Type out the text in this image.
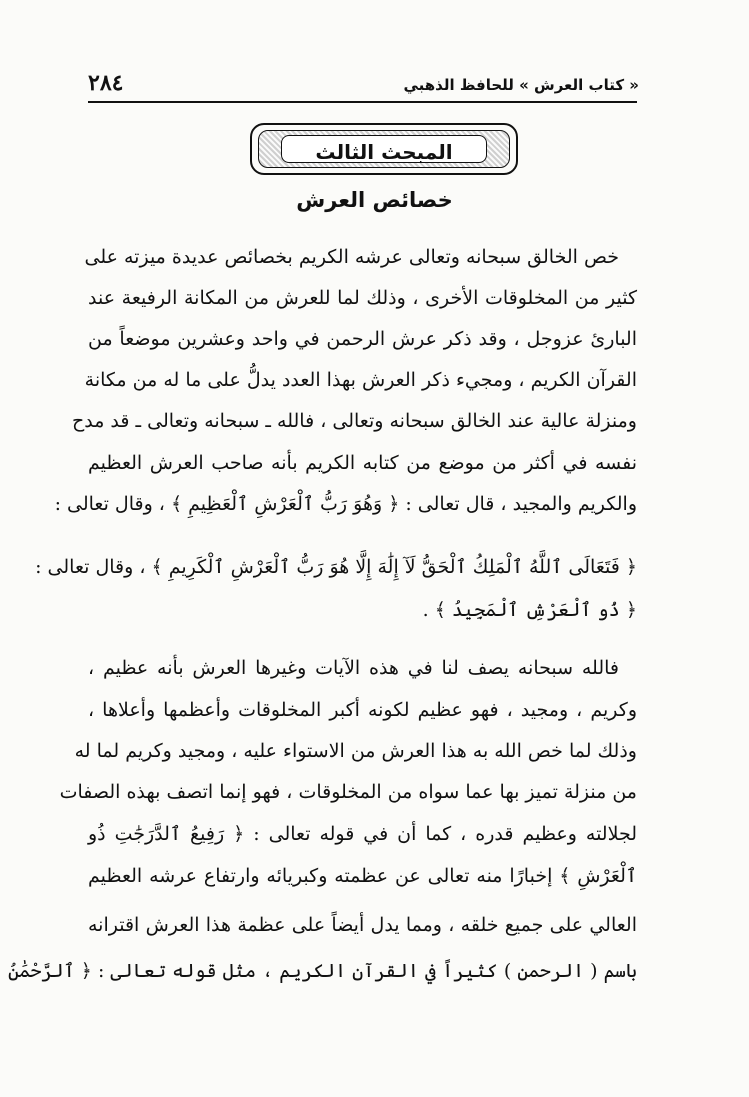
« كتاب العرش » للحافظ الذهبي
٢٨٤
المبحث الثالث
خصائص العرش
خص الخالق سبحانه وتعالى عرشه الكريم بخصائص عديدة ميزته على
كثير من المخلوقات الأخرى ، وذلك لما للعرش من المكانة الرفيعة عند
البارئ عزوجل ، وقد ذكر عرش الرحمن في واحد وعشرين موضعاً من
القرآن الكريم ، ومجيء ذكر العرش بهذا العدد يدلُّ على ما له من مكانة
ومنزلة عالية عند الخالق سبحانه وتعالى ، فالله ـ سبحانه وتعالى ـ قد مدح
نفسه في أكثر من موضع من كتابه الكريم بأنه صاحب العرش العظيم
والكريم والمجيد ، قال تعالى : ﴿ وَهُوَ رَبُّ ٱلْعَرْشِ ٱلْعَظِيمِ ﴾ ، وقال تعالى :
﴿ فَتَعَالَى ٱللَّهُ ٱلْمَلِكُ ٱلْحَقُّ لَآ إِلَٰهَ إِلَّا هُوَ رَبُّ ٱلْعَرْشِ ٱلْكَرِيمِ ﴾ ، وقال تعالى :
﴿ ذُو ٱلْعَرْشِ ٱلْمَجِيدُ ﴾ .
فالله سبحانه يصف لنا في هذه الآيات وغيرها العرش بأنه عظيم ،
وكريم ، ومجيد ، فهو عظيم لكونه أكبر المخلوقات وأعظمها وأعلاها ،
وذلك لما خص الله به هذا العرش من الاستواء عليه ، ومجيد وكريم لما له
من منزلة تميز بها عما سواه من المخلوقات ، فهو إنما اتصف بهذه الصفات
لجلالته وعظيم قدره ، كما أن في قوله تعالى : ﴿ رَفِيعُ ٱلدَّرَجَٰتِ ذُو
ٱلْعَرْشِ ﴾ إخبارًا منه تعالى عن عظمته وكبريائه وارتفاع عرشه العظيم
العالي على جميع خلقه ، ومما يدل أيضاً على عظمة هذا العرش اقترانه
باسم ( الرحمن ) كثيراً في القرآن الكريم ، مثل قوله تعالى : ﴿ ٱلرَّحْمَٰنُ
